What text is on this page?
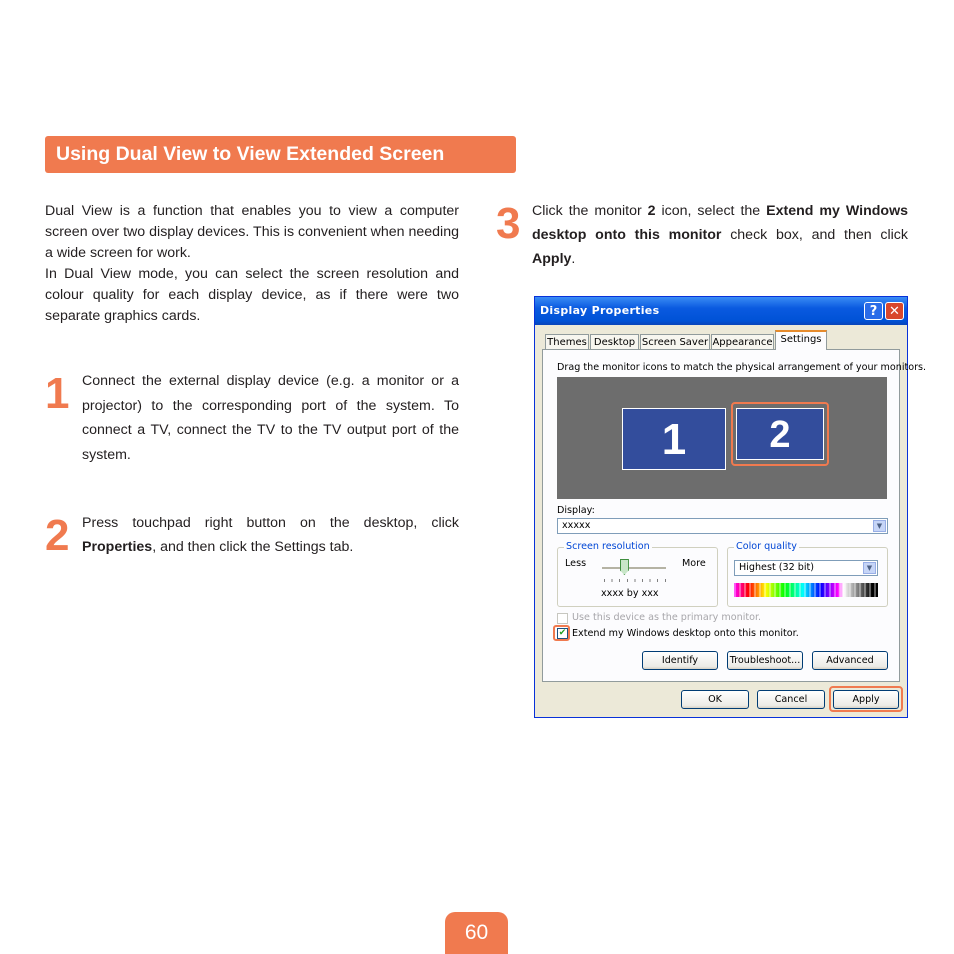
Using Dual View to View Extended Screen

Dual View is a function that enables you to view a computer screen over two display devices. This is convenient when needing a wide screen for work.

In Dual View mode, you can select the screen resolution and colour quality for each display device, as if there were two separate graphics cards.

1 Connect the external display device (e.g. a monitor or a projector) to the corresponding port of the system. To connect a TV, connect the TV to the TV output port of the system.

2 Press touchpad right button on the desktop, click Properties, and then click the Settings tab.

3 Click the monitor 2 icon, select the Extend my Windows desktop onto this monitor check box, and then click Apply.

Display Properties	? ✕
Themes Desktop Screen Saver Appearance Settings
Drag the monitor icons to match the physical arrangement of your monitors.
1	2
Display:
xxxxx	▼
Screen resolution
Less	More
xxxx by xxx
Color quality
Highest (32 bit)	▼
Use this device as the primary monitor.
✔ Extend my Windows desktop onto this monitor.
Identify	Troubleshoot...	Advanced
OK	Cancel	Apply
60
